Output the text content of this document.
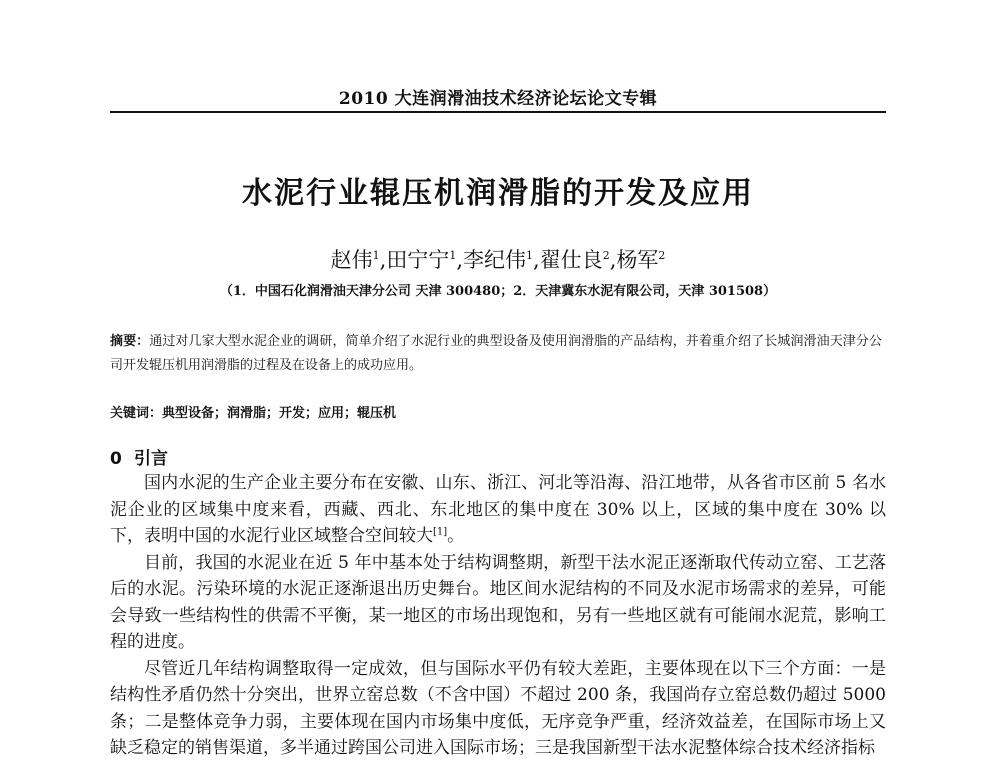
2010 大连润滑油技术经济论坛论文专辑
水泥行业辊压机润滑脂的开发及应用
赵伟$^1$,田宁宁$^1$,李纪伟$^1$,翟仕良$^2$,杨军$^2$
（1．中国石化润滑油天津分公司 天津 300480；2．天津冀东水泥有限公司，天津 301508）
摘要：通过对几家大型水泥企业的调研，简单介绍了水泥行业的典型设备及使用润滑脂的产品结构，并着重介绍了长城润滑油天津分公司开发辊压机用润滑脂的过程及在设备上的成功应用。
关键词：典型设备；润滑脂；开发；应用；辊压机
0 引言

国内水泥的生产企业主要分布在安徽、山东、浙江、河北等沿海、沿江地带，从各省市区前 5 名水泥企业的区域集中度来看，西藏、西北、东北地区的集中度在 30% 以上，区域的集中度在 30% 以下，表明中国的水泥行业区域整合空间较大[1]。

目前，我国的水泥业在近 5 年中基本处于结构调整期，新型干法水泥正逐渐取代传动立窑、工艺落后的水泥。污染环境的水泥正逐渐退出历史舞台。地区间水泥结构的不同及水泥市场需求的差异，可能会导致一些结构性的供需不平衡，某一地区的市场出现饱和，另有一些地区就有可能闹水泥荒，影响工程的进度。

尽管近几年结构调整取得一定成效，但与国际水平仍有较大差距，主要体现在以下三个方面：一是结构性矛盾仍然十分突出，世界立窑总数（不含中国）不超过 200 条，我国尚存立窑总数仍超过 5000 条；二是整体竞争力弱，主要体现在国内市场集中度低，无序竞争严重，经济效益差，在国际市场上又缺乏稳定的销售渠道，多半通过跨国公司进入国际市场；三是我国新型干法水泥整体综合技术经济指标
